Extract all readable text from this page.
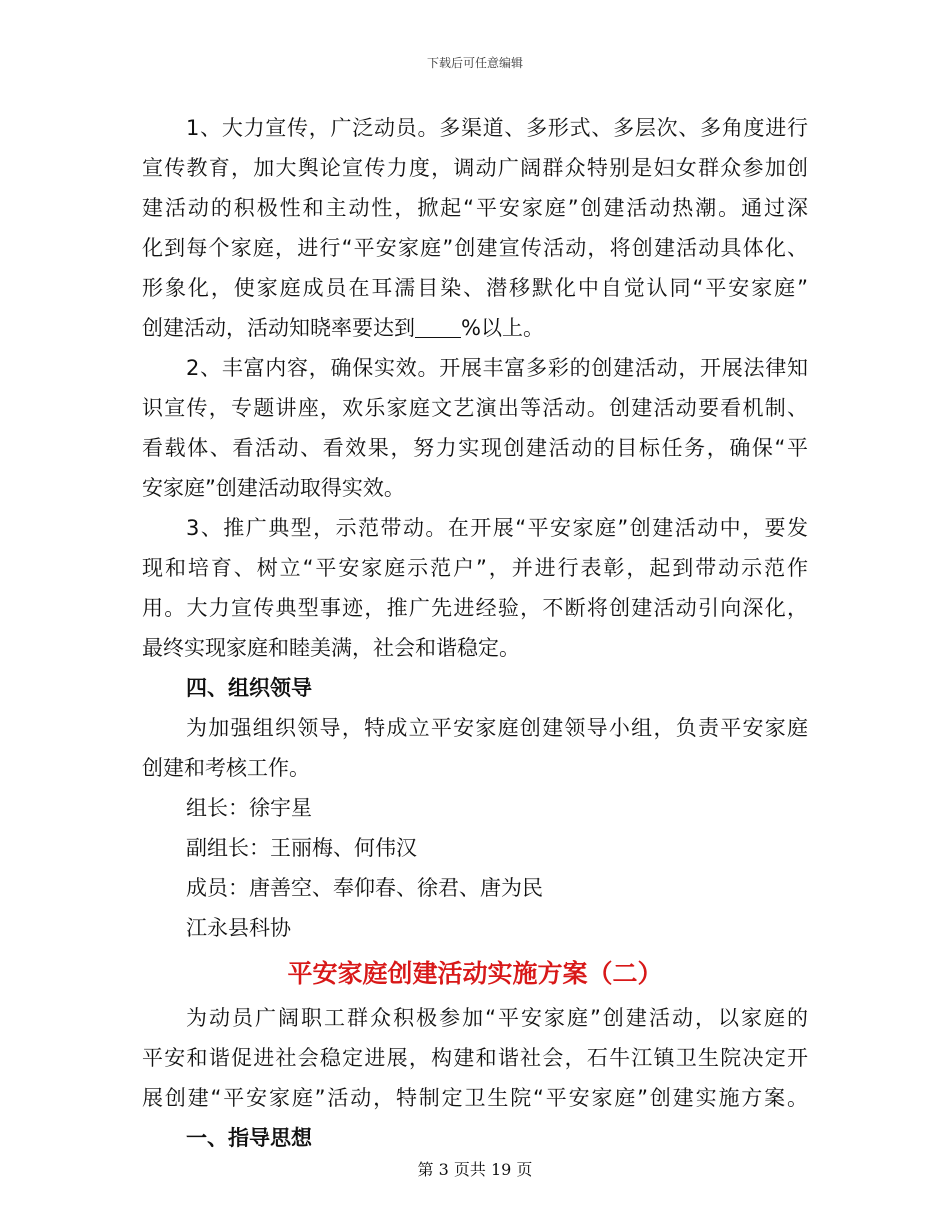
下载后可任意编辑
1、大力宣传，广泛动员。多渠道、多形式、多层次、多角度进行
宣传教育，加大舆论宣传力度，调动广阔群众特别是妇女群众参加创
建活动的积极性和主动性，掀起“平安家庭”创建活动热潮。通过深
化到每个家庭，进行“平安家庭”创建宣传活动，将创建活动具体化、
形象化，使家庭成员在耳濡目染、潜移默化中自觉认同“平安家庭”
创建活动，活动知晓率要达到 %以上。
2、丰富内容，确保实效。开展丰富多彩的创建活动，开展法律知
识宣传，专题讲座，欢乐家庭文艺演出等活动。创建活动要看机制、
看载体、看活动、看效果，努力实现创建活动的目标任务，确保“平
安家庭”创建活动取得实效。
3、推广典型，示范带动。在开展“平安家庭”创建活动中，要发
现和培育、树立“平安家庭示范户”，并进行表彰，起到带动示范作
用。大力宣传典型事迹，推广先进经验，不断将创建活动引向深化，
最终实现家庭和睦美满，社会和谐稳定。
四、组织领导
为加强组织领导，特成立平安家庭创建领导小组，负责平安家庭
创建和考核工作。
组长：徐宇星
副组长：王丽梅、何伟汉
成员：唐善空、奉仰春、徐君、唐为民
江永县科协
平安家庭创建活动实施方案（二）
为动员广阔职工群众积极参加“平安家庭”创建活动，以家庭的
平安和谐促进社会稳定进展，构建和谐社会，石牛江镇卫生院决定开
展创建“平安家庭”活动，特制定卫生院“平安家庭”创建实施方案。
一、指导思想
第 3 页共 19 页
